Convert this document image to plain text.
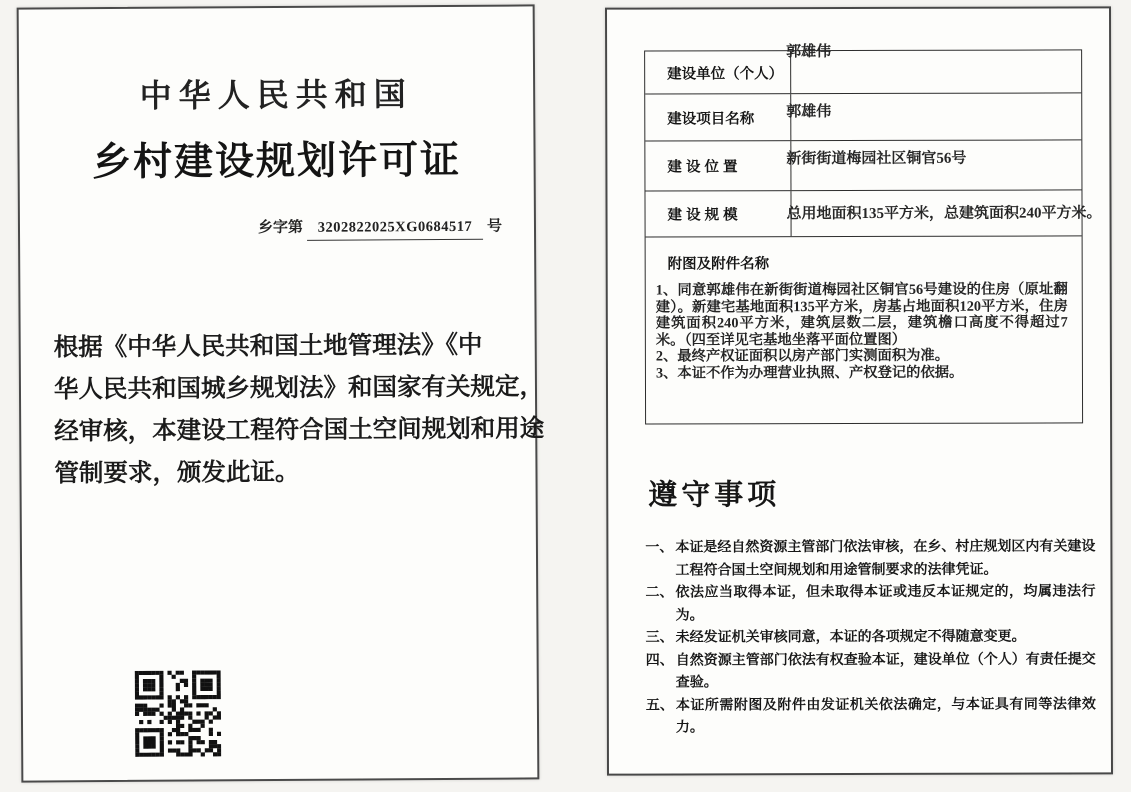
中华人民共和国
乡村建设规划许可证
乡字第 3202822025XG0684517 号
根据《中华人民共和国土地管理法》《中
华人民共和国城乡规划法》和国家有关规定，
经审核，本建设工程符合国土空间规划和用途
管制要求，颁发此证。
建设单位（个人）
郭雄伟
建设项目名称	郭雄伟
建 设 位 置
新街街道梅园社区铜官56号
建 设 规 模	总用地面积135平方米，总建筑面积240平方米。
附图及附件名称
1、同意郭雄伟在新街街道梅园社区铜官56号建设的住房（原址翻建）。新建宅基地面积135平方米，房基占地面积120平方米，住房建筑面积240平方米，建筑层数二层，建筑檐口高度不得超过7米。（四至详见宅基地坐落平面位置图）
2、最终产权证面积以房产部门实测面积为准。
3、本证不作为办理营业执照、产权登记的依据。
遵守事项
一、 本证是经自然资源主管部门依法审核，在乡、村庄规划区内有关建设工程符合国土空间规划和用途管制要求的法律凭证。
二、 依法应当取得本证，但未取得本证或违反本证规定的，均属违法行为。
三、 未经发证机关审核同意，本证的各项规定不得随意变更。
四、 自然资源主管部门依法有权查验本证，建设单位（个人）有责任提交查验。
五、 本证所需附图及附件由发证机关依法确定，与本证具有同等法律效力。
